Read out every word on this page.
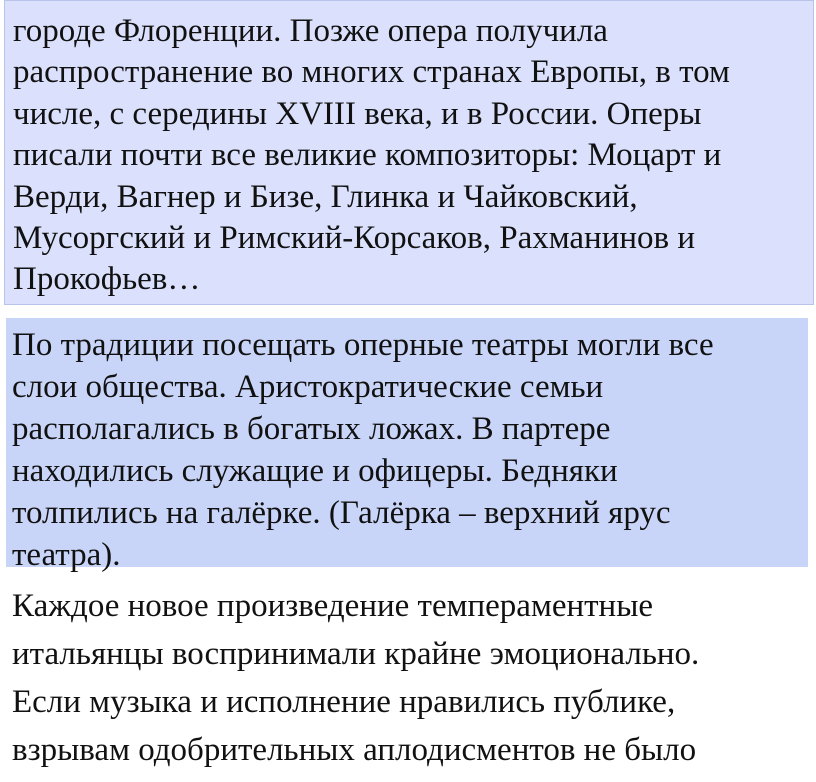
городе Флоренции. Позже опера получила
распространение во многих странах Европы, в том
числе, с середины XVIII века, и в России. Оперы
писали почти все великие композиторы: Моцарт и
Верди, Вагнер и Бизе, Глинка и Чайковский,
Мусоргский и Римский-Корсаков, Рахманинов и
Прокофьев…
По традиции посещать оперные театры могли все
слои общества. Аристократические семьи
располагались в богатых ложах. В партере
находились служащие и офицеры. Бедняки
толпились на галёрке. (Галёрка – верхний ярус
театра).
Каждое новое произведение темпераментные
итальянцы воспринимали крайне эмоционально.
Если музыка и исполнение нравились публике,
взрывам одобрительных аплодисментов не было
